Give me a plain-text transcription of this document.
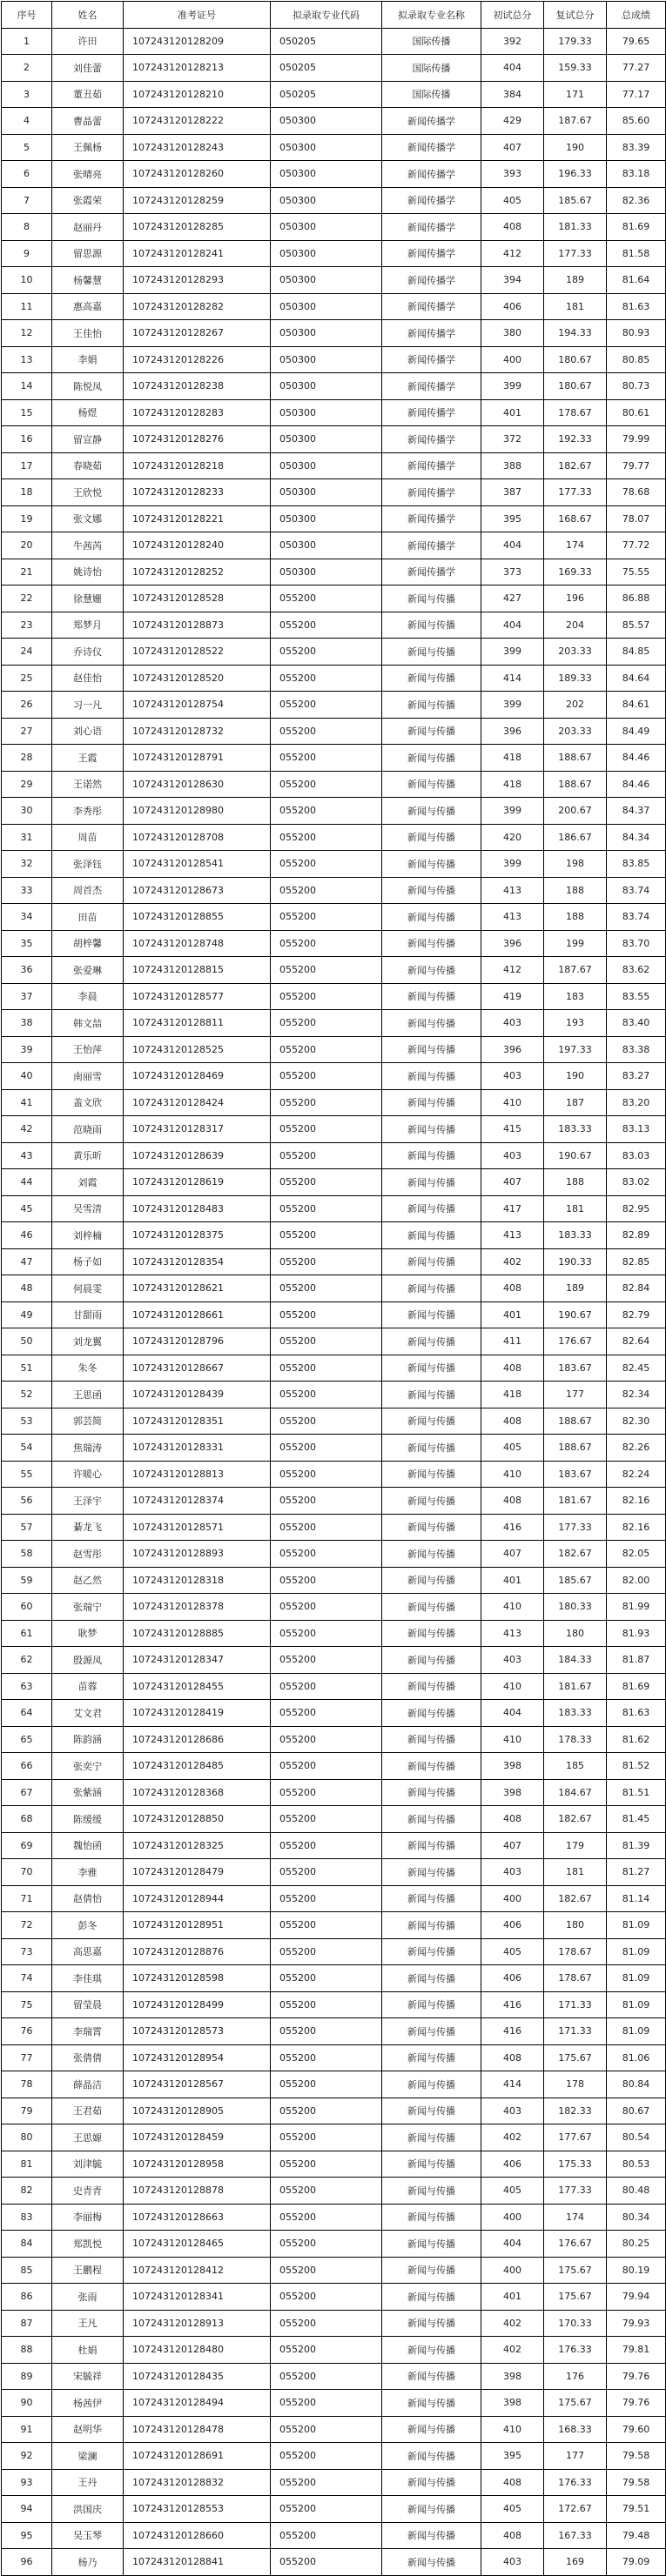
序号	姓名	准考证号	拟录取专业代码	拟录取专业名称	初试总分	复试总分	总成绩
1	许田	107243120128209	050205	国际传播	392	179.33	79.65
2	刘佳蕾	107243120128213	050205	国际传播	404	159.33	77.27
3	董丑茹	107243120128210	050205	国际传播	384	171	77.17
4	曹晶蕾	107243120128222	050300	新闻传播学	429	187.67	85.60
5	王佩杨	107243120128243	050300	新闻传播学	407	190	83.39
6	张晴亮	107243120128260	050300	新闻传播学	393	196.33	83.18
7	张霞荣	107243120128259	050300	新闻传播学	405	185.67	82.36
8	赵丽丹	107243120128285	050300	新闻传播学	408	181.33	81.69
9	留思源	107243120128241	050300	新闻传播学	412	177.33	81.58
10	杨馨慧	107243120128293	050300	新闻传播学	394	189	81.64
11	惠高嘉	107243120128282	050300	新闻传播学	406	181	81.63
12	王佳怡	107243120128267	050300	新闻传播学	380	194.33	80.93
13	李娟	107243120128226	050300	新闻传播学	400	180.67	80.85
14	陈悦凤	107243120128238	050300	新闻传播学	399	180.67	80.73
15	杨煜	107243120128283	050300	新闻传播学	401	178.67	80.61
16	留宣静	107243120128276	050300	新闻传播学	372	192.33	79.99
17	春晓茹	107243120128218	050300	新闻传播学	388	182.67	79.77
18	王欣悦	107243120128233	050300	新闻传播学	387	177.33	78.68
19	张文娜	107243120128221	050300	新闻传播学	395	168.67	78.07
20	牛茜芮	107243120128240	050300	新闻传播学	404	174	77.72
21	姚诗怡	107243120128252	050300	新闻传播学	373	169.33	75.55
22	徐慧姗	107243120128528	055200	新闻与传播	427	196	86.88
23	郑梦月	107243120128873	055200	新闻与传播	404	204	85.57
24	乔诗仪	107243120128522	055200	新闻与传播	399	203.33	84.85
25	赵佳怡	107243120128520	055200	新闻与传播	414	189.33	84.64
26	习一凡	107243120128754	055200	新闻与传播	399	202	84.61
27	刘心语	107243120128732	055200	新闻与传播	396	203.33	84.49
28	王霞	107243120128791	055200	新闻与传播	418	188.67	84.46
29	王诺然	107243120128630	055200	新闻与传播	418	188.67	84.46
30	李秀彤	107243120128980	055200	新闻与传播	399	200.67	84.37
31	周苗	107243120128708	055200	新闻与传播	420	186.67	84.34
32	张泽钰	107243120128541	055200	新闻与传播	399	198	83.85
33	周首杰	107243120128673	055200	新闻与传播	413	188	83.74
34	田苗	107243120128855	055200	新闻与传播	413	188	83.74
35	胡梓馨	107243120128748	055200	新闻与传播	396	199	83.70
36	张爱琳	107243120128815	055200	新闻与传播	412	187.67	83.62
37	李晨	107243120128577	055200	新闻与传播	419	183	83.55
38	韩文喆	107243120128811	055200	新闻与传播	403	193	83.40
39	王怡萍	107243120128525	055200	新闻与传播	396	197.33	83.38
40	南丽雪	107243120128469	055200	新闻与传播	403	190	83.27
41	盖文欣	107243120128424	055200	新闻与传播	410	187	83.20
42	范晓雨	107243120128317	055200	新闻与传播	415	183.33	83.13
43	黄乐昕	107243120128639	055200	新闻与传播	403	190.67	83.03
44	刘霞	107243120128619	055200	新闻与传播	407	188	83.02
45	吴雪清	107243120128483	055200	新闻与传播	417	181	82.95
46	刘梓楠	107243120128375	055200	新闻与传播	413	183.33	82.89
47	杨子如	107243120128354	055200	新闻与传播	402	190.33	82.85
48	何晨雯	107243120128621	055200	新闻与传播	408	189	82.84
49	甘甜雨	107243120128661	055200	新闻与传播	401	190.67	82.79
50	刘龙翼	107243120128796	055200	新闻与传播	411	176.67	82.64
51	朱冬	107243120128667	055200	新闻与传播	408	183.67	82.45
52	王思函	107243120128439	055200	新闻与传播	418	177	82.34
53	郭芸简	107243120128351	055200	新闻与传播	408	188.67	82.30
54	焦瑞涛	107243120128331	055200	新闻与传播	405	188.67	82.26
55	许暖心	107243120128813	055200	新闻与传播	410	183.67	82.24
56	王泽宇	107243120128374	055200	新闻与传播	408	181.67	82.16
57	綦龙飞	107243120128571	055200	新闻与传播	416	177.33	82.16
58	赵雪彤	107243120128893	055200	新闻与传播	407	182.67	82.05
59	赵乙然	107243120128318	055200	新闻与传播	401	185.67	82.00
60	张瑞宁	107243120128378	055200	新闻与传播	410	180.33	81.99
61	耿梦	107243120128885	055200	新闻与传播	413	180	81.93
62	殷源凤	107243120128347	055200	新闻与传播	403	184.33	81.87
63	苗蓉	107243120128455	055200	新闻与传播	410	181.67	81.69
64	艾文君	107243120128419	055200	新闻与传播	404	183.33	81.63
65	陈韵涵	107243120128686	055200	新闻与传播	410	178.33	81.62
66	张奕宁	107243120128485	055200	新闻与传播	398	185	81.52
67	张紫涵	107243120128368	055200	新闻与传播	398	184.67	81.51
68	陈缓缓	107243120128850	055200	新闻与传播	408	182.67	81.45
69	魏怡函	107243120128325	055200	新闻与传播	407	179	81.39
70	李雅	107243120128479	055200	新闻与传播	403	181	81.27
71	赵倩怡	107243120128944	055200	新闻与传播	400	182.67	81.14
72	彭冬	107243120128951	055200	新闻与传播	406	180	81.09
73	高思嘉	107243120128876	055200	新闻与传播	405	178.67	81.09
74	李佳琪	107243120128598	055200	新闻与传播	406	178.67	81.09
75	留莹晨	107243120128499	055200	新闻与传播	416	171.33	81.09
76	李瑞霄	107243120128573	055200	新闻与传播	416	171.33	81.09
77	张倩倩	107243120128954	055200	新闻与传播	408	175.67	81.06
78	薛晶洁	107243120128567	055200	新闻与传播	414	178	80.84
79	王君茹	107243120128905	055200	新闻与传播	403	182.33	80.67
80	王思嫄	107243120128459	055200	新闻与传播	402	177.67	80.54
81	刘津毓	107243120128958	055200	新闻与传播	406	175.33	80.53
82	史青青	107243120128878	055200	新闻与传播	405	177.33	80.48
83	李丽梅	107243120128663	055200	新闻与传播	400	174	80.34
84	郑凯悦	107243120128465	055200	新闻与传播	404	176.67	80.25
85	王鹏程	107243120128412	055200	新闻与传播	400	175.67	80.19
86	张雨	107243120128341	055200	新闻与传播	401	175.67	79.94
87	王凡	107243120128913	055200	新闻与传播	402	170.33	79.93
88	杜娟	107243120128480	055200	新闻与传播	402	176.33	79.81
89	宋毓祥	107243120128435	055200	新闻与传播	398	176	79.76
90	杨茜伊	107243120128494	055200	新闻与传播	398	175.67	79.76
91	赵明华	107243120128478	055200	新闻与传播	410	168.33	79.60
92	梁澜	107243120128691	055200	新闻与传播	395	177	79.58
93	王丹	107243120128832	055200	新闻与传播	408	176.33	79.58
94	洪国庆	107243120128553	055200	新闻与传播	405	172.67	79.51
95	吴玉琴	107243120128660	055200	新闻与传播	408	167.33	79.48
96	杨乃	107243120128841	055200	新闻与传播	403	169	79.09
